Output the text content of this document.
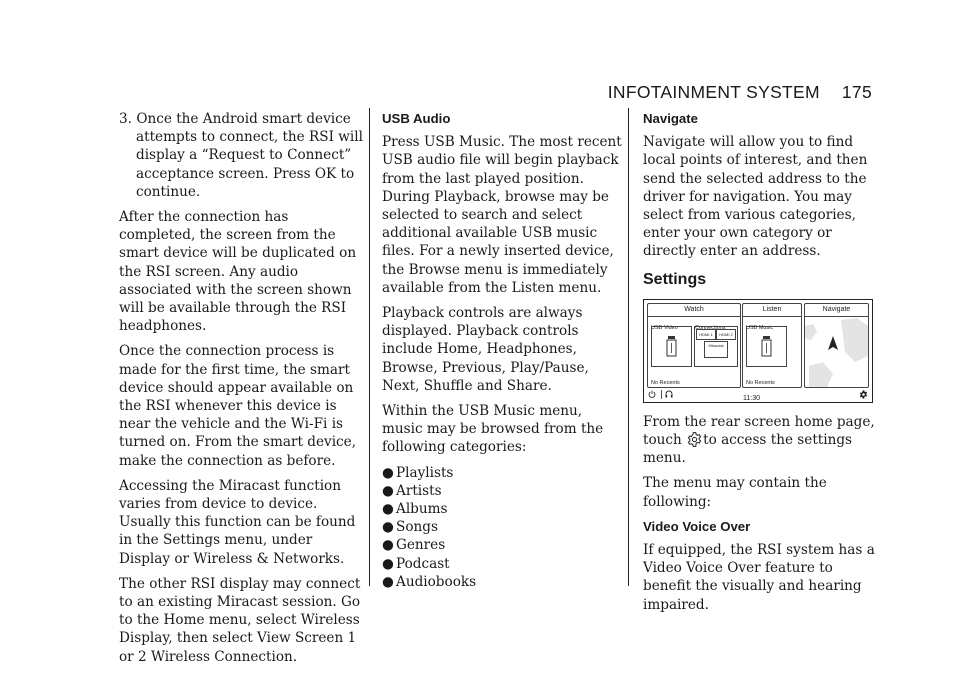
INFOTAINMENT SYSTEM 175

3. Once the Android smart device attempts to connect, the RSI will display a “Request to Connect” acceptance screen. Press OK to continue.

After the connection has completed, the screen from the smart device will be duplicated on the RSI screen. Any audio associated with the screen shown will be available through the RSI headphones.

Once the connection process is made for the first time, the smart device should appear available on the RSI whenever this device is near the vehicle and the Wi-Fi is turned on. From the smart device, make the connection as before.

Accessing the Miracast function varies from device to device. Usually this function can be found in the Settings menu, under Display or Wireless & Networks.

The other RSI display may connect to an existing Miracast session. Go to the Home menu, select Wireless Display, then select View Screen 1 or 2 Wireless Connection.

USB Audio

Press USB Music. The most recent USB audio file will begin playback from the last played position. During Playback, browse may be selected to search and select additional available USB music files. For a newly inserted device, the Browse menu is immediately available from the Listen menu.

Playback controls are always displayed. Playback controls include Home, Headphones, Browse, Previous, Play/Pause, Next, Shuffle and Share.

Within the USB Music menu, music may be browsed from the following categories:

● Playlists
● Artists
● Albums
● Songs
● Genres
● Podcast
● Audiobooks
Navigate

Navigate will allow you to find local points of interest, and then send the selected address to the driver for navigation. You may select from various categories, enter your own category or directly enter an address.

Settings
Watch
USB Video	Connections
HDMI 1	HDMI 2
Miracast
No Recents
Listen
USB Music
No Recents
Navigate
11:30

From the rear screen home page, touch to access the settings menu.

The menu may contain the following:

Video Voice Over

If equipped, the RSI system has a Video Voice Over feature to benefit the visually and hearing impaired.
